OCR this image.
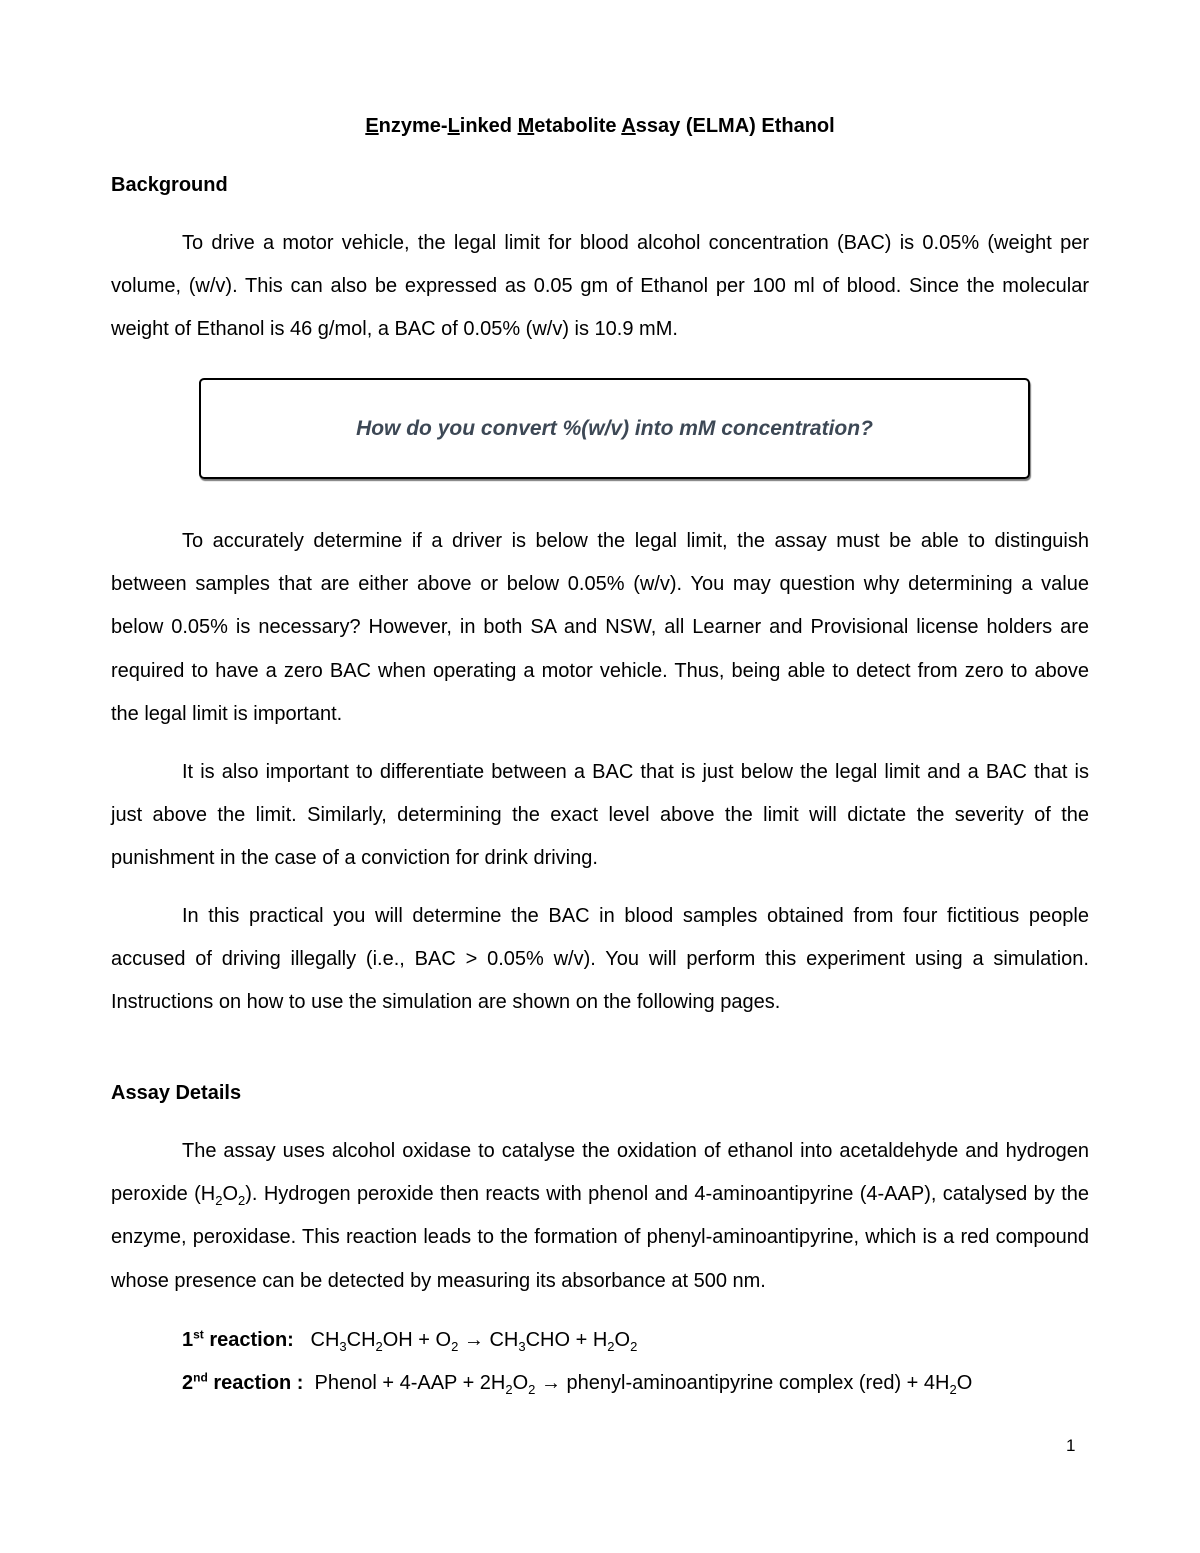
Enzyme-Linked Metabolite Assay (ELMA) Ethanol
Background

To drive a motor vehicle, the legal limit for blood alcohol concentration (BAC) is 0.05% (weight per volume, (w/v). This can also be expressed as 0.05 gm of Ethanol per 100 ml of blood. Since the molecular weight of Ethanol is 46 g/mol, a BAC of 0.05% (w/v) is 10.9 mM.

How do you convert %(w/v) into mM concentration?

To accurately determine if a driver is below the legal limit, the assay must be able to distinguish between samples that are either above or below 0.05% (w/v). You may question why determining a value below 0.05% is necessary? However, in both SA and NSW, all Learner and Provisional license holders are required to have a zero BAC when operating a motor vehicle. Thus, being able to detect from zero to above the legal limit is important.

It is also important to differentiate between a BAC that is just below the legal limit and a BAC that is just above the limit. Similarly, determining the exact level above the limit will dictate the severity of the punishment in the case of a conviction for drink driving.

In this practical you will determine the BAC in blood samples obtained from four fictitious people accused of driving illegally (i.e., BAC > 0.05% w/v). You will perform this experiment using a simulation. Instructions on how to use the simulation are shown on the following pages.

Assay Details

The assay uses alcohol oxidase to catalyse the oxidation of ethanol into acetaldehyde and hydrogen peroxide $(H_2O_2)$. Hydrogen peroxide then reacts with phenol and 4-aminoantipyrine (4-AAP), catalysed by the enzyme, peroxidase. This reaction leads to the formation of phenyl-aminoantipyrine, which is a red compound whose presence can be detected by measuring its absorbance at 500 nm.

1st reaction: $CH_3CH_2OH + O_2 \to CH_3CHO + H_2O_2$
2nd reaction : Phenol + $4-AAP + 2H_2O_2$ → phenyl-aminoantipyrine complex $(red) + 4H_2O$
1
